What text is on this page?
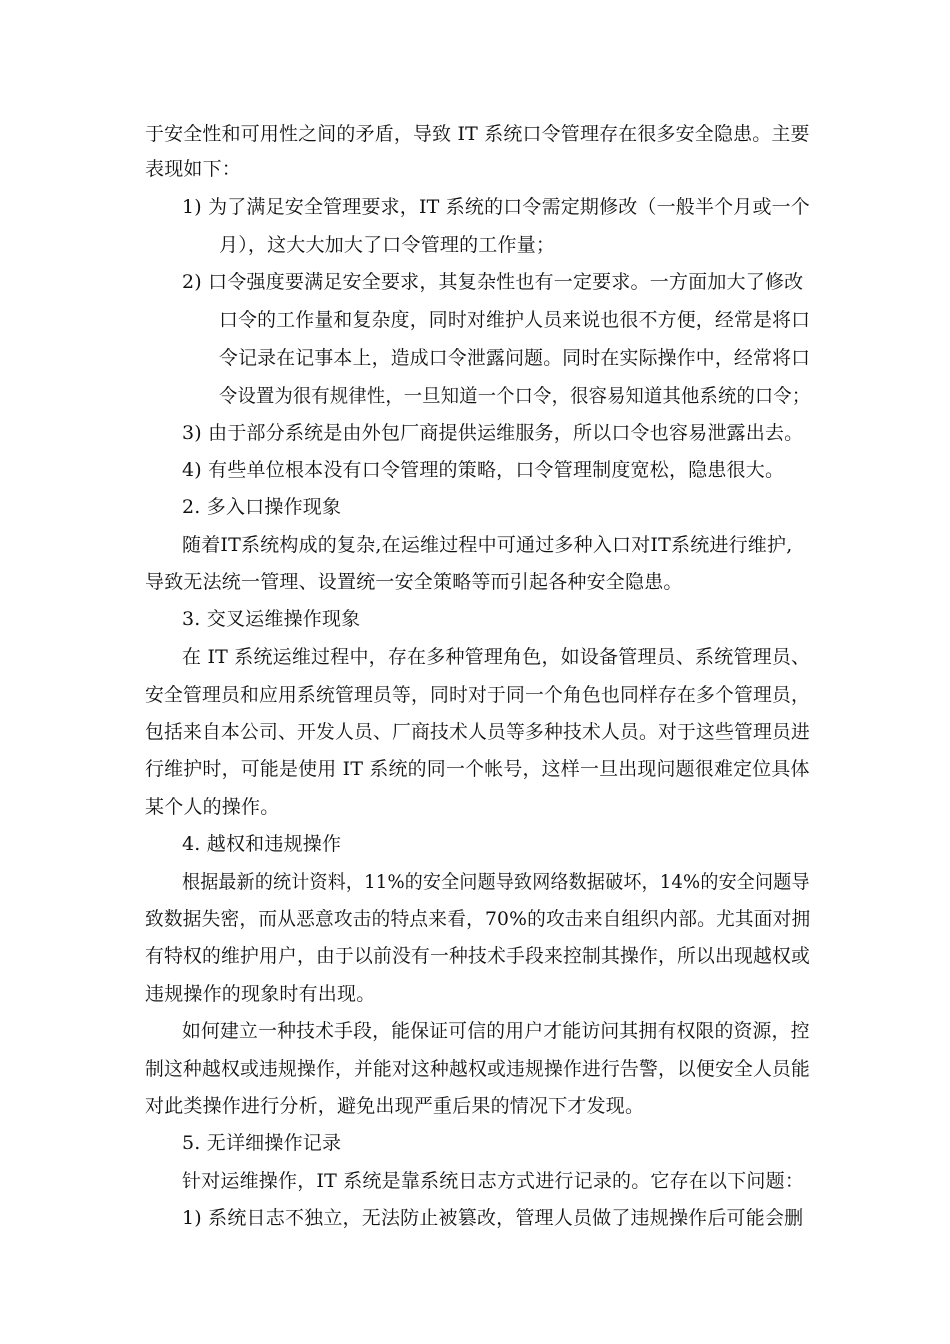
于安全性和可用性之间的矛盾，导致 IT 系统口令管理存在很多安全隐患。主要
表现如下：
1) 为了满足安全管理要求，IT 系统的口令需定期修改（一般半个月或一个
月），这大大加大了口令管理的工作量；
2) 口令强度要满足安全要求，其复杂性也有一定要求。一方面加大了修改
口令的工作量和复杂度，同时对维护人员来说也很不方便，经常是将口
令记录在记事本上，造成口令泄露问题。同时在实际操作中，经常将口
令设置为很有规律性，一旦知道一个口令，很容易知道其他系统的口令；
3) 由于部分系统是由外包厂商提供运维服务，所以口令也容易泄露出去。
4) 有些单位根本没有口令管理的策略，口令管理制度宽松，隐患很大。
2. 多入口操作现象
随着IT系统构成的复杂,在运维过程中可通过多种入口对IT系统进行维护,
导致无法统一管理、设置统一安全策略等而引起各种安全隐患。
3. 交叉运维操作现象
在 IT 系统运维过程中，存在多种管理角色，如设备管理员、系统管理员、
安全管理员和应用系统管理员等，同时对于同一个角色也同样存在多个管理员，
包括来自本公司、开发人员、厂商技术人员等多种技术人员。对于这些管理员进
行维护时，可能是使用 IT 系统的同一个帐号，这样一旦出现问题很难定位具体
某个人的操作。
4. 越权和违规操作
根据最新的统计资料，11%的安全问题导致网络数据破坏，14%的安全问题导
致数据失密，而从恶意攻击的特点来看，70%的攻击来自组织内部。尤其面对拥
有特权的维护用户，由于以前没有一种技术手段来控制其操作，所以出现越权或
违规操作的现象时有出现。
如何建立一种技术手段，能保证可信的用户才能访问其拥有权限的资源，控
制这种越权或违规操作，并能对这种越权或违规操作进行告警，以便安全人员能
对此类操作进行分析，避免出现严重后果的情况下才发现。
5. 无详细操作记录
针对运维操作，IT 系统是靠系统日志方式进行记录的。它存在以下问题：
1) 系统日志不独立，无法防止被篡改，管理人员做了违规操作后可能会删
